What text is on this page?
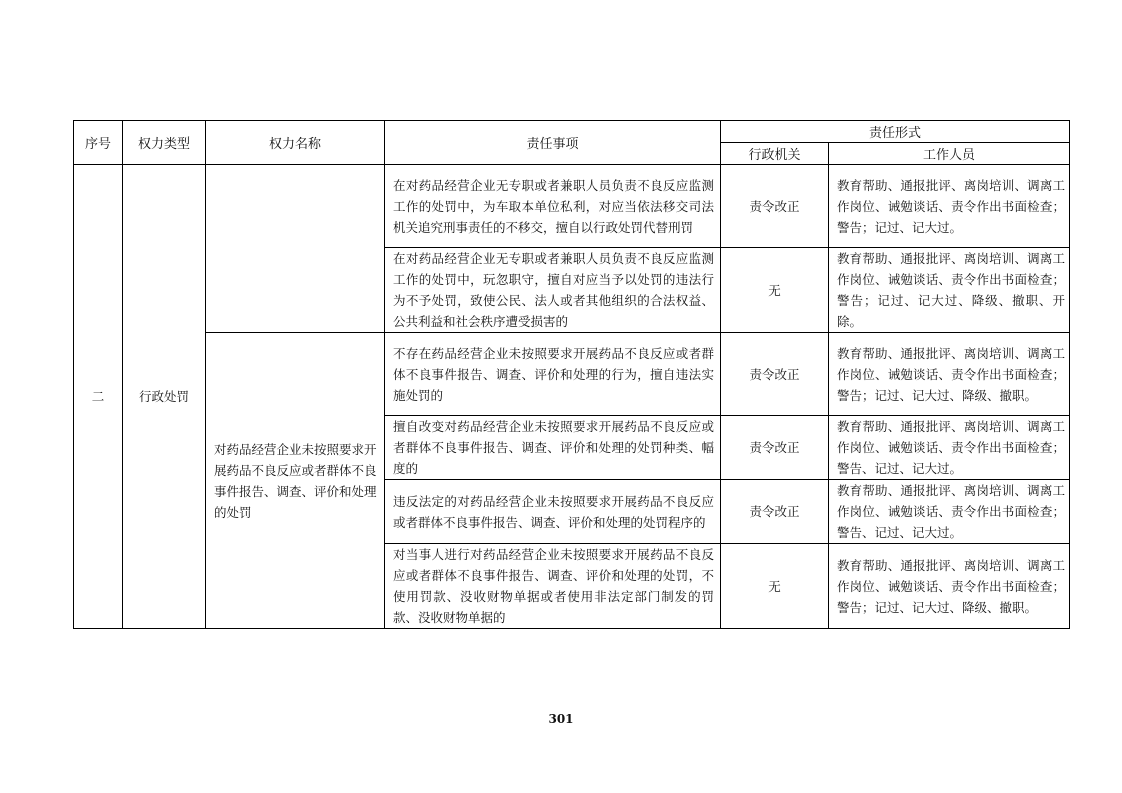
序号	权力类型	权力名称	责任事项	责任形式	
				行政机关	工作人员
二	行政处罚		在对药品经营企业无专职或者兼职人员负责不良反应监测工作的处罚中，为车取本单位私利，对应当依法移交司法机关追究刑事责任的不移交，擅自以行政处罚代替刑罚	责令改正	教育帮助、通报批评、离岗培训、调离工作岗位、诫勉谈话、责令作出书面检查；警告；记过、记大过。
			在对药品经营企业无专职或者兼职人员负责不良反应监测工作的处罚中，玩忽职守，擅自对应当予以处罚的违法行为不予处罚，致使公民、法人或者其他组织的合法权益、公共利益和社会秩序遭受损害的	无	教育帮助、通报批评、离岗培训、调离工作岗位、诫勉谈话、责令作出书面检查；警告；记过、记大过、降级、撤职、开除。
		对药品经营企业未按照要求开展药品不良反应或者群体不良事件报告、调查、评价和处理的处罚	不存在药品经营企业未按照要求开展药品不良反应或者群体不良事件报告、调查、评价和处理的行为，擅自违法实施处罚的	责令改正	教育帮助、通报批评、离岗培训、调离工作岗位、诫勉谈话、责令作出书面检查；警告；记过、记大过、降级、撤职。
			擅自改变对药品经营企业未按照要求开展药品不良反应或者群体不良事件报告、调查、评价和处理的处罚种类、幅度的	责令改正	教育帮助、通报批评、离岗培训、调离工作岗位、诫勉谈话、责令作出书面检查；警告、记过、记大过。
			违反法定的对药品经营企业未按照要求开展药品不良反应或者群体不良事件报告、调查、评价和处理的处罚程序的	责令改正	教育帮助、通报批评、离岗培训、调离工作岗位、诫勉谈话、责令作出书面检查；警告、记过、记大过。
			对当事人进行对药品经营企业未按照要求开展药品不良反应或者群体不良事件报告、调查、评价和处理的处罚，不使用罚款、没收财物单据或者使用非法定部门制发的罚款、没收财物单据的	无	教育帮助、通报批评、离岗培训、调离工作岗位、诫勉谈话、责令作出书面检查；警告；记过、记大过、降级、撤职。
301
